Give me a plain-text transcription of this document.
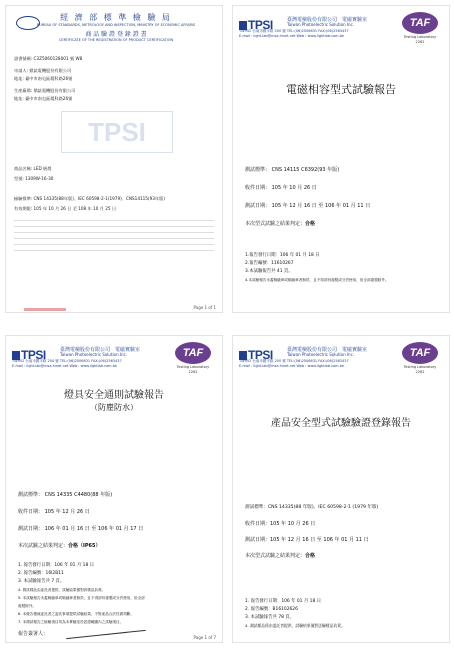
經 濟 部 標 準 檢 驗 局
BUREAU OF STANDARDS, METROLOGY AND INSPECTION, MINISTRY OF ECONOMIC AFFAIRS
商 品 驗 證 登 錄 證 書
CERTIFICATE OF THE REGISTRATION OF PRODUCT CERTIFICATION
證書號碼: C3Z5060128001 號 W8
申請人: 鼎鈦電機股份有限公司
地址: 臺中市南屯區精科路26號
生產廠場: 鼎鈦電機股份有限公司
地址: 臺中市南屯區精科路26號
TPSI
商品名稱: LED 嵌燈
型號: 1309W-16-30
檢驗標準: CNS 14335(88年版)、IEC 60598-2-1(1979)、CNS14115(93年版)
有效期限: 105 年 10 月 26 日 至 108 年 10 月 25 日

Page 1 of 1
TPSI	臺灣電檢股份有限公司　電磁實驗室
Taiwan Photoelectric Solution Inc.
TW952 台南市國平路 200 號 TEL:(06)2506631 FAX:(06)2563437
E-mail : light.lab@msa.hinet.net Web : www.lightlab.com.tw
TAF
Testing Laboratory
2262
電磁相容型式試驗報告
測試標準： CNS 14115 C6392(93 年版)
收件日期： 105 年 10 月 26 日
測試日期： 105 年 12 月 16 日 至 106 年 01 月 11 日
本次型式試驗之結果判定：合格
1.報告發行日期：106 年 01 月 18 日
2.報告編號：11610267
3.本試驗報告共 41 頁。
4.本試驗報告未蓋騎縫章或騎縫章者無效，且不得部份複製或分頁使用，但全部複製除外。
TPSI	臺灣電檢股份有限公司　電磁實驗室
Taiwan Photoelectric Solution Inc.
TW952 台南市國平路 200 號 TEL:(06)2506631 FAX:(06)2563437
E-mail : light.lab@msa.hinet.net Web : www.lightlab.com.tw
TAF
Testing Laboratory
2262
燈具安全通則試驗報告
（防塵防水）
測試標準： CNS 14335 C4480(88 年版)
收件日期： 105 年 12 月 26 日
測試日期： 106 年 01 月 16 日 至 106 年 01 月 17 日
本次試驗之結果判定：合格（IP65）
1. 報告發行日期：106 年 01 月 18 日
2. 報告編號：16I2B11
3. 本試驗報告共 7 頁。
4. 測試樣品由委託者提供，試驗結果僅對該樣品負責。
5. 本試驗報告未蓋騎縫章或騎縫章者無效，且不得部份複製或分頁使用，但全部
複製除外。
6. 本報告僅就委託者之委託事項提供試驗結果，不對產品合法性做判斷。
7. 本測試報告之檢驗項目均為本實驗室於認證範圍內之試驗項目。
報告簽署人：
Page 1 of 7
TPSI	臺灣電檢股份有限公司　電磁實驗室
Taiwan Photoelectric Solution Inc.
TW952 台南市國平路 200 號 TEL:(06)2506631 FAX:(06)2563437
E-mail : light.lab@msa.hinet.net Web : www.lightlab.com.tw
TAF
Testing Laboratory
2262
產品安全型式試驗驗證登錄報告
測試標準：CNS 14335(88 年版)、IEC 60598-2-1 (1979 年版)
收件日期：105 年 10 月 26 日
測試日期：105 年 12 月 16 日 至 106 年 01 月 11 日
本次型式試驗之結果判定：合格
1. 報告發行日期：106 年 01 月 18 日
2. 報告編號：B16102626
3. 本試驗報告共 78 頁。
4. 測試樣品係由委託者提供，試驗結果僅對送驗樣品負責。
